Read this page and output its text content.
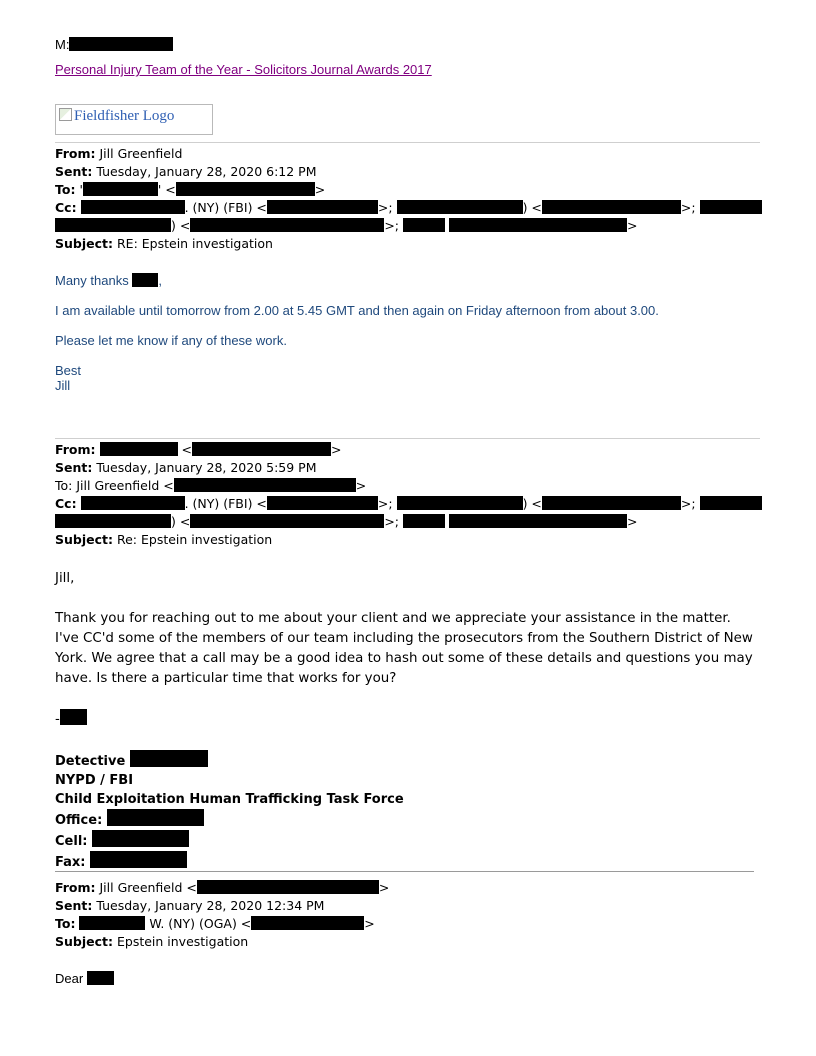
M:
Personal Injury Team of the Year - Solicitors Journal Awards 2017
Fieldfisher Logo
From: Jill Greenfield
Sent: Tuesday, January 28, 2020 6:12 PM
To: '	' <	>
Cc:	. (NY) (FBI) <	>;	) <	>;
) <	>;	>
Subject: RE: Epstein investigation
Many thanks ,
I am available until tomorrow from 2.00 at 5.45 GMT and then again on Friday afternoon from about 3.00.
Please let me know if any of these work.
Best
Jill
From:	<	>
Sent: Tuesday, January 28, 2020 5:59 PM
To: Jill Greenfield <	>
Cc:	. (NY) (FBI) <	>;	) <	>;
) <	>;	>
Subject: Re: Epstein investigation
Jill,
Thank you for reaching out to me about your client and we appreciate your assistance in the matter. I've CC'd some of the members of our team including the prosecutors from the Southern District of New York. We agree that a call may be a good idea to hash out some of these details and questions you may have. Is there a particular time that works for you?
-
Detective
NYPD / FBI
Child Exploitation Human Trafficking Task Force
Office:
Cell:
Fax:
From: Jill Greenfield <	>
Sent: Tuesday, January 28, 2020 12:34 PM
To:	W. (NY) (OGA) <	>
Subject: Epstein investigation
Dear
